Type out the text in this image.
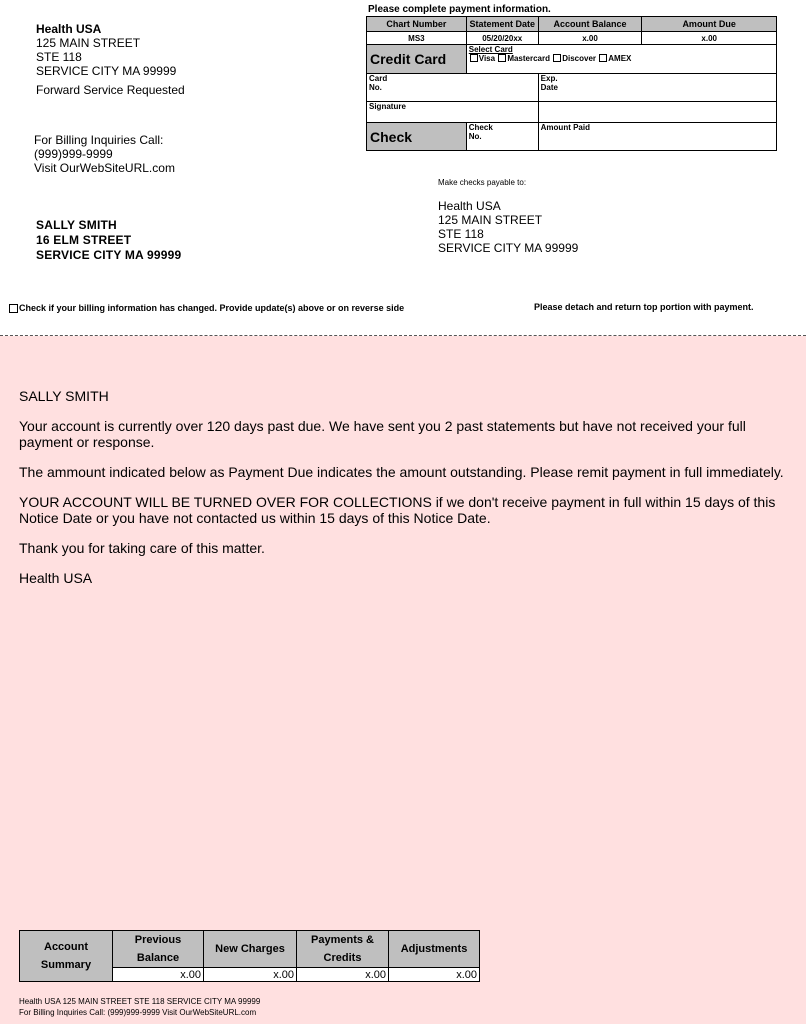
Health USA
125 MAIN STREET
STE 118
SERVICE CITY MA 99999
Forward Service Requested
For Billing Inquiries Call:
(999)999-9999
Visit OurWebSiteURL.com
SALLY SMITH
16 ELM STREET
SERVICE CITY MA 99999
Please complete payment information.
Chart Number	Statement Date	Account Balance	Amount Due
MS3	05/20/20xx	x.00	x.00
Credit Card	Select Card
Visa Mastercard Discover AMEX		

Card No.		Exp. Date	
Signature			
Check	Check No.	Amount Paid	
Make checks payable to:
Health USA
125 MAIN STREET
STE 118
SERVICE CITY MA 99999
Check if your billing information has changed. Provide update(s) above or on reverse side	Please detach and return top portion with payment.

SALLY SMITH

Your account is currently over 120 days past due. We have sent you 2 past statements but have not received your full payment or response.

The ammount indicated below as Payment Due indicates the amount outstanding. Please remit payment in full immediately.

YOUR ACCOUNT WILL BE TURNED OVER FOR COLLECTIONS if we don't receive payment in full within 15 days of this Notice Date or you have not contacted us within 15 days of this Notice Date.

Thank you for taking care of this matter.

Health USA

Account Summary	Previous Balance	New Charges	Payments & Credits	Adjustments
	x.00	x.00	x.00	x.00
Health USA 125 MAIN STREET STE 118 SERVICE CITY MA 99999
For Billing Inquiries Call: (999)999-9999 Visit OurWebSiteURL.com
